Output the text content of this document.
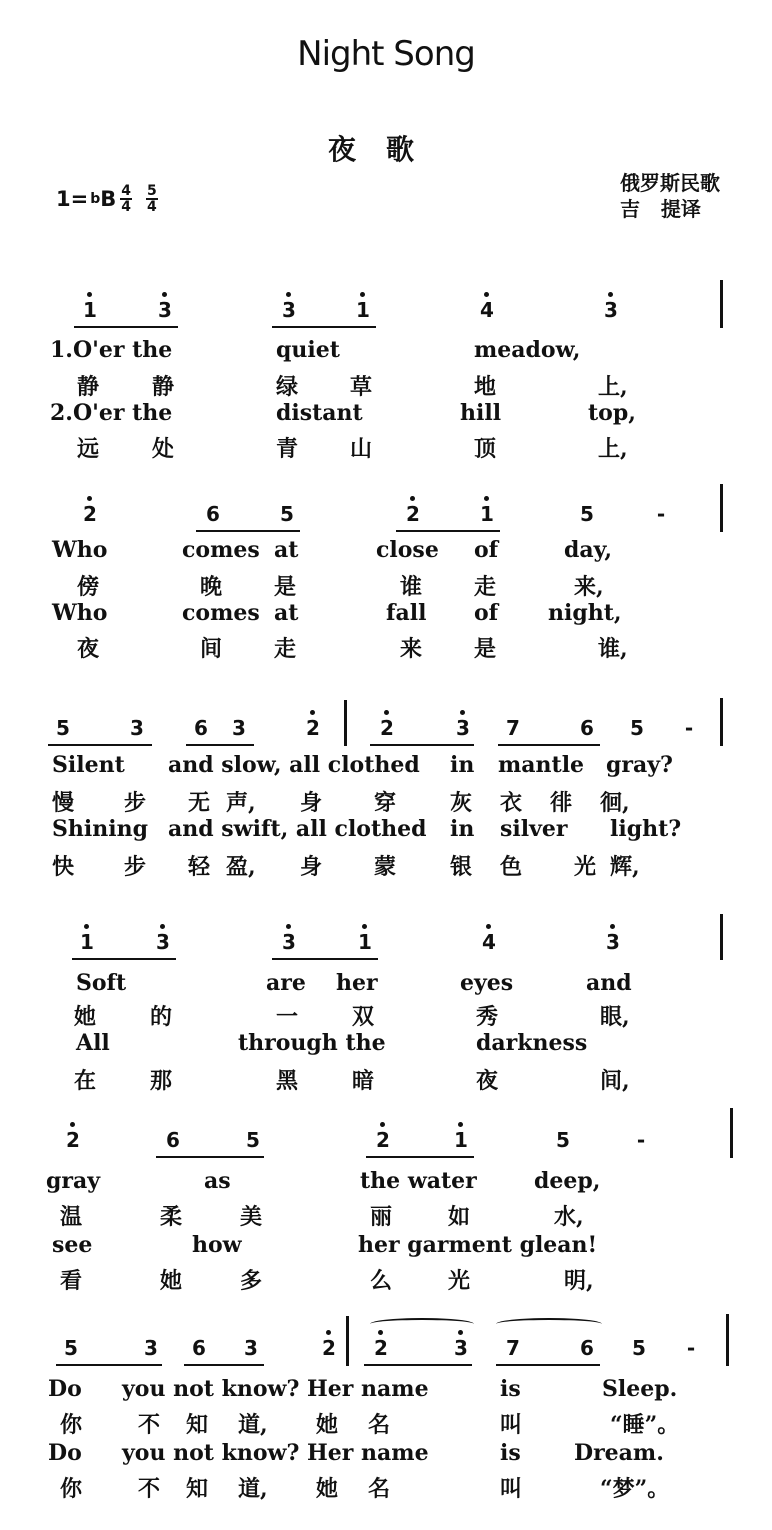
Night Song
夜歌
1= b B $\frac{4}{4} \frac{5}{4}$
俄罗斯民歌
吉   提译
1	3	3	1	4	3
1.O'er the	quiet	meadow,
静 静	绿 草	地	上,
2.O'er the	distant	hill	top,
远 处	青 山	顶	上,
2	6	5	2	1	5	-
Who	comes at	close of	day,
傍	晚 是	谁 走	来,
Who	comes at	fall of night,
夜	间 走	来 是	谁,
5	3	6	3	2	2	3	7	6	5	-
Silent and slow, all clothed in mantle gray?
慢 步 无 声, 身 穿 灰 衣 徘 徊,
Shining and swift, all clothed in silver light?
快 步 轻 盈, 身 蒙 银 色 光 辉,
1	3	3	1	4	3
Soft	are her	eyes	and
她 的	一 双	秀	眼,
All	through the	darkness
在 那	黑 暗	夜	间,
2	6	5	2	1	5	-
gray	as	the water	deep,
温	柔	美	丽	如	水,
see	how	her garment glean!
看	她	多	么	光	明,
5	3	6	3	2	2	3	7	6	5	-
Do you not know? Her name	is	Sleep.
你	不 知 道, 她 名	叫	“睡”。
Do you not know? Her name	is Dream.
你	不 知 道, 她 名	叫	“梦”。
